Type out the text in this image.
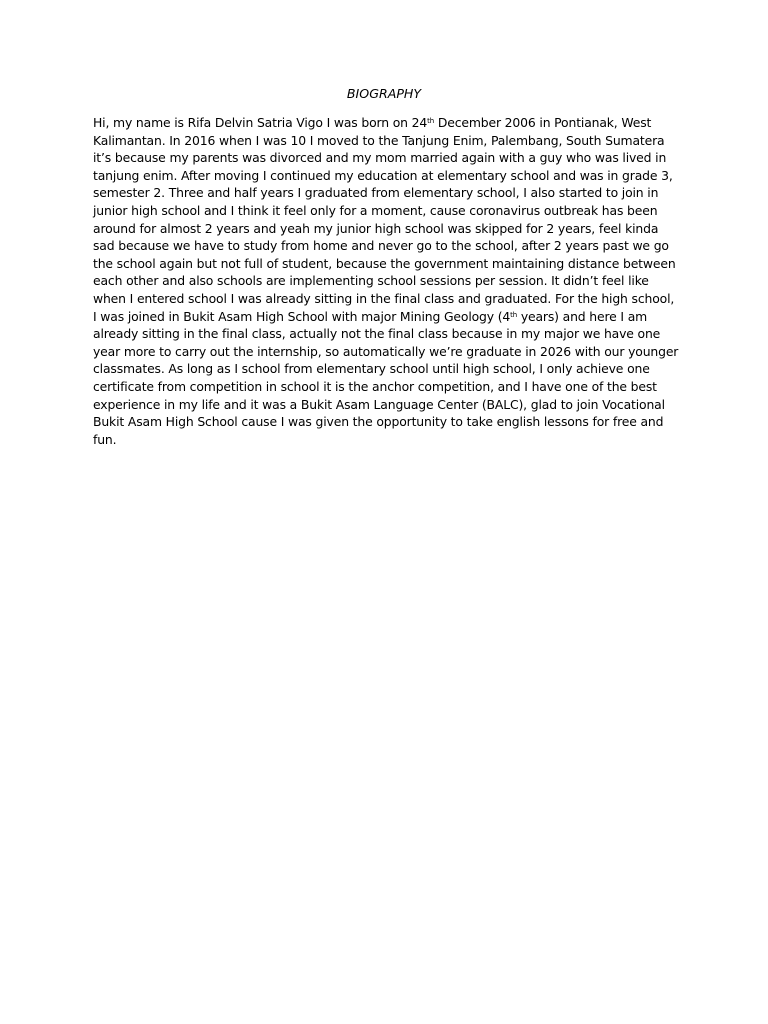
BIOGRAPHY

Hi, my name is Rifa Delvin Satria Vigo I was born on 24th December 2006 in Pontianak, West Kalimantan. In 2016 when I was 10 I moved to the Tanjung Enim, Palembang, South Sumatera it’s because my parents was divorced and my mom married again with a guy who was lived in tanjung enim. After moving I continued my education at elementary school and was in grade 3, semester 2. Three and half years I graduated from elementary school, I also started to join in junior high school and I think it feel only for a moment, cause coronavirus outbreak has been around for almost 2 years and yeah my junior high school was skipped for 2 years, feel kinda sad because we have to study from home and never go to the school, after 2 years past we go the school again but not full of student, because the government maintaining distance between each other and also schools are implementing school sessions per session. It didn’t feel like when I entered school I was already sitting in the final class and graduated. For the high school, I was joined in Bukit Asam High School with major Mining Geology (4th years) and here I am already sitting in the final class, actually not the final class because in my major we have one year more to carry out the internship, so automatically we’re graduate in 2026 with our younger classmates. As long as I school from elementary school until high school, I only achieve one certificate from competition in school it is the anchor competition, and I have one of the best experience in my life and it was a Bukit Asam Language Center (BALC), glad to join Vocational Bukit Asam High School cause I was given the opportunity to take english lessons for free and fun.
